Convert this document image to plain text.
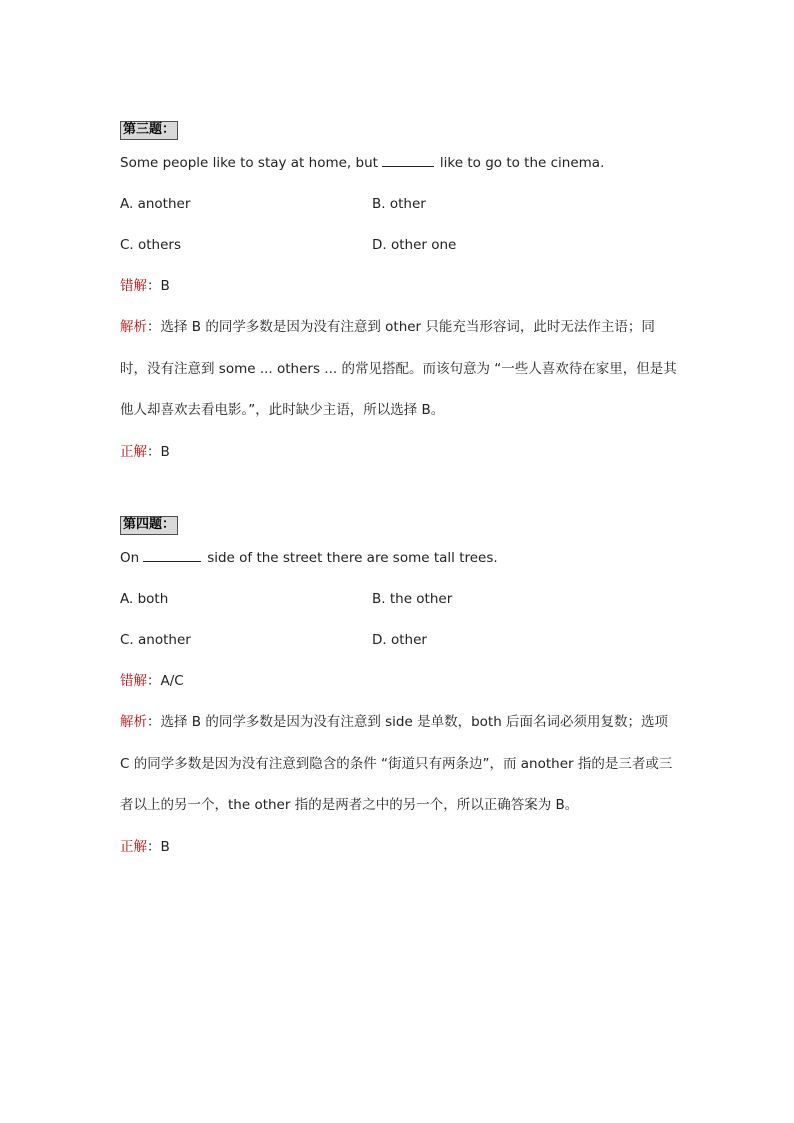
第三题：
Some people like to stay at home, but	like to go to the cinema.
A. another	B. other
C. others	D. other one
错解：B
解析：选择 B 的同学多数是因为没有注意到 other 只能充当形容词，此时无法作主语；同时，没有注意到 some ... others ... 的常见搭配。而该句意为 “一些人喜欢待在家里，但是其他人却喜欢去看电影。”，此时缺少主语，所以选择 B。
正解：B
第四题：
On	side of the street there are some tall trees.
A. both	B. the other
C. another	D. other
错解：A/C
解析：选择 B 的同学多数是因为没有注意到 side 是单数，both 后面名词必须用复数；选项 C 的同学多数是因为没有注意到隐含的条件 “街道只有两条边”，而 another 指的是三者或三者以上的另一个，the other 指的是两者之中的另一个，所以正确答案为 B。
正解：B
